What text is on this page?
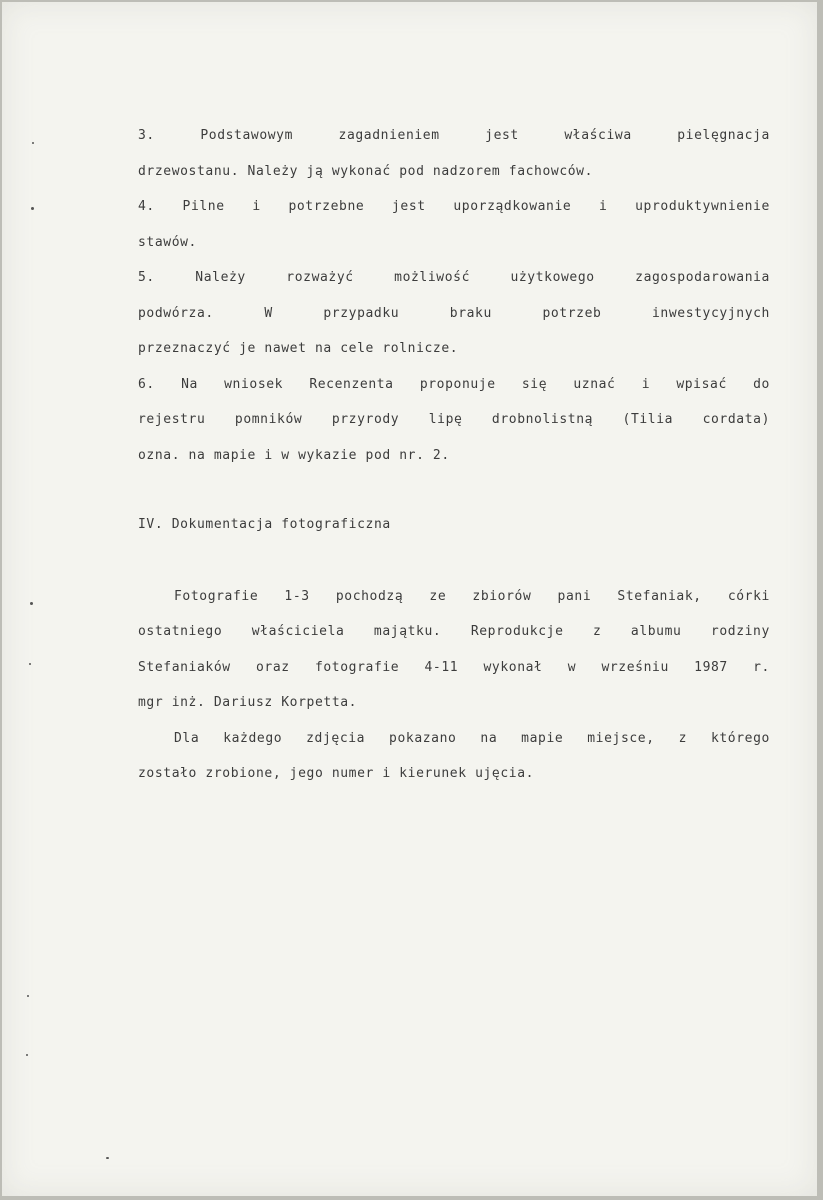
3.	Podstawowym	zagadnieniem	jest	właściwa	pielęgnacja
drzewostanu. Należy ją wykonać pod nadzorem fachowców.
4. Pilne i potrzebne jest uporządkowanie i uproduktywnienie
stawów.
5.	Należy	rozważyć	możliwość	użytkowego	zagospodarowania
podwórza.	W	przypadku	braku	potrzeb	inwestycyjnych
przeznaczyć je nawet na cele rolnicze.
6. Na wniosek Recenzenta proponuje się uznać i wpisać do
rejestru pomników przyrody lipę drobnolistną (Tilia cordata)
ozna. na mapie i w wykazie pod nr. 2.
IV. Dokumentacja fotograficzna
Fotografie 1-3 pochodzą ze zbiorów pani Stefaniak, córki
ostatniego właściciela majątku. Reprodukcje z albumu rodziny
Stefaniaków oraz fotografie 4-11 wykonał w wrześniu 1987 r.
mgr inż. Dariusz Korpetta.
Dla każdego zdjęcia pokazano na mapie miejsce, z którego
zostało zrobione, jego numer i kierunek ujęcia.
